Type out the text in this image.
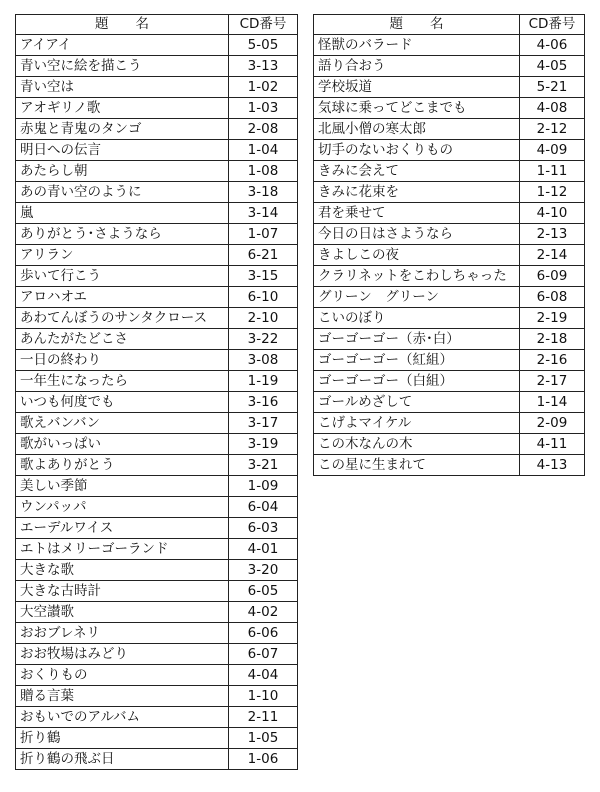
題　　名	CD番号
アイアイ	5-05
青い空に絵を描こう	3-13
青い空は	1-02
アオギリノ歌	1-03
赤鬼と青鬼のタンゴ	2-08
明日への伝言	1-04
あたらし朝	1-08
あの青い空のように	3-18
嵐	3-14
ありがとう･さようなら	1-07
アリラン	6-21
歩いて行こう	3-15
アロハオエ	6-10
あわてんぼうのサンタクロース	2-10
あんたがたどこさ	3-22
一日の終わり	3-08
一年生になったら	1-19
いつも何度でも	3-16
歌えバンバン	3-17
歌がいっぱい	3-19
歌よありがとう	3-21
美しい季節	1-09
ウンパッパ	6-04
エーデルワイス	6-03
エトはメリーゴーランド	4-01
大きな歌	3-20
大きな古時計	6-05
大空讃歌	4-02
おおブレネリ	6-06
おお牧場はみどり	6-07
おくりもの	4-04
贈る言葉	1-10
おもいでのアルバム	2-11
折り鶴	1-05
折り鶴の飛ぶ日	1-06
題　　名	CD番号
怪獣のバラード	4-06
語り合おう	4-05
学校坂道	5-21
気球に乗ってどこまでも	4-08
北風小僧の寒太郎	2-12
切手のないおくりもの	4-09
きみに会えて	1-11
きみに花束を	1-12
君を乗せて	4-10
今日の日はさようなら	2-13
きよしこの夜	2-14
クラリネットをこわしちゃった	6-09
グリーン　グリーン	6-08
こいのぼり	2-19
ゴーゴーゴー（赤･白）	2-18
ゴーゴーゴー（紅組）	2-16
ゴーゴーゴー（白組）	2-17
ゴールめざして	1-14
こげよマイケル	2-09
この木なんの木	4-11
この星に生まれて	4-13
